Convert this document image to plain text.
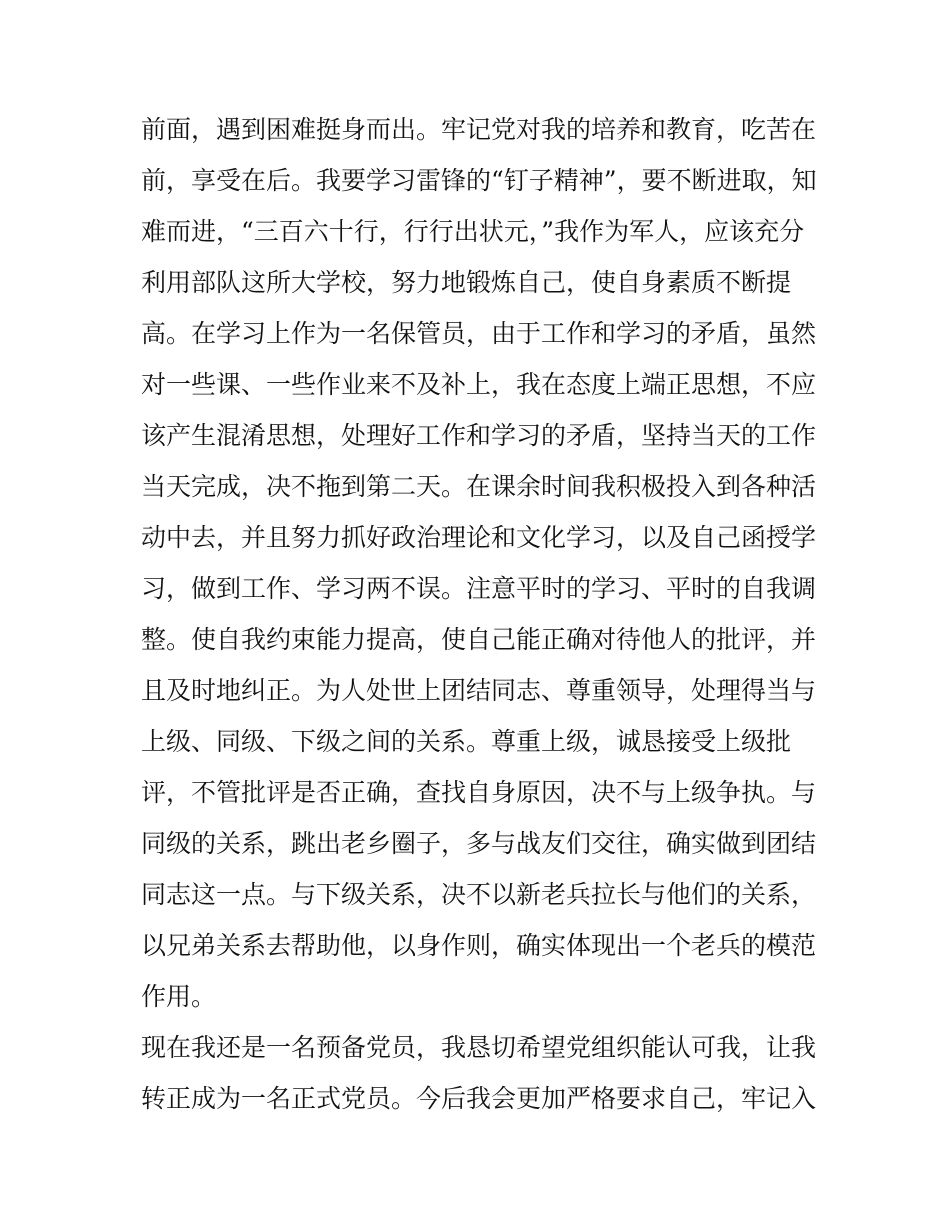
前面，遇到困难挺身而出。牢记党对我的培养和教育，吃苦在
前，享受在后。我要学习雷锋的“钉子精神”，要不断进取，知
难而进，“三百六十行，行行出状元，”我作为军人，应该充分
利用部队这所大学校，努力地锻炼自己，使自身素质不断提
高。在学习上作为一名保管员，由于工作和学习的矛盾，虽然
对一些课、一些作业来不及补上，我在态度上端正思想，不应
该产生混淆思想，处理好工作和学习的矛盾，坚持当天的工作
当天完成，决不拖到第二天。在课余时间我积极投入到各种活
动中去，并且努力抓好政治理论和文化学习，以及自己函授学
习，做到工作、学习两不误。注意平时的学习、平时的自我调
整。使自我约束能力提高，使自己能正确对待他人的批评，并
且及时地纠正。为人处世上团结同志、尊重领导，处理得当与
上级、同级、下级之间的关系。尊重上级，诚恳接受上级批
评，不管批评是否正确，查找自身原因，决不与上级争执。与
同级的关系，跳出老乡圈子，多与战友们交往，确实做到团结
同志这一点。与下级关系，决不以新老兵拉长与他们的关系，
以兄弟关系去帮助他，以身作则，确实体现出一个老兵的模范
作用。
现在我还是一名预备党员，我恳切希望党组织能认可我，让我
转正成为一名正式党员。今后我会更加严格要求自己，牢记入
